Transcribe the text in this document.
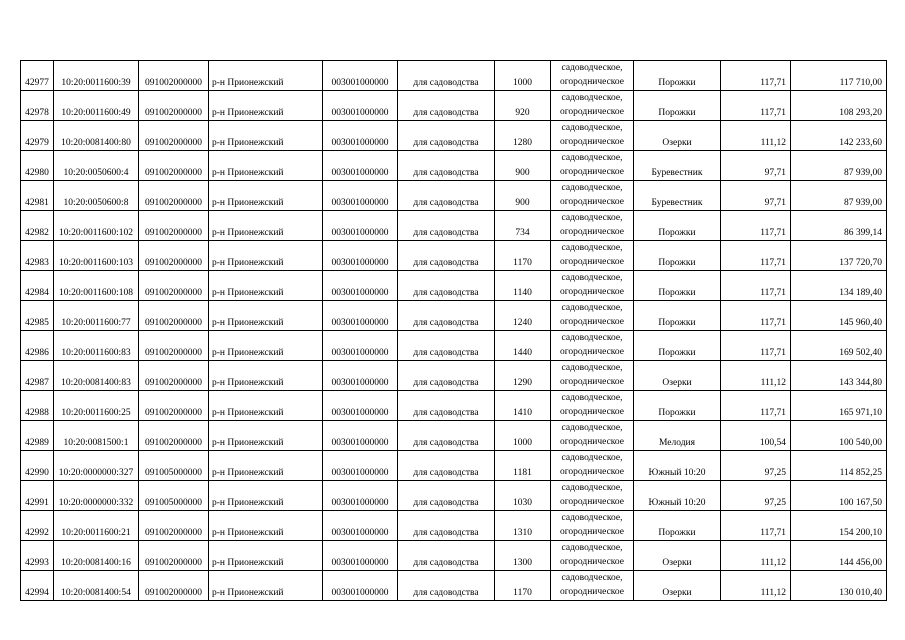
42977	10:20:0011600:39	091002000000	р-н Прионежский	003001000000	для садоводства	1000	садоводческое,
огородническое	Порожки	117,71	117 710,00
42978	10:20:0011600:49	091002000000	р-н Прионежский	003001000000	для садоводства	920	садоводческое,
огородническое	Порожки	117,71	108 293,20
42979	10:20:0081400:80	091002000000	р-н Прионежский	003001000000	для садоводства	1280	садоводческое,
огородническое	Озерки	111,12	142 233,60
42980	10:20:0050600:4	091002000000	р-н Прионежский	003001000000	для садоводства	900	садоводческое,
огородническое	Буревестник	97,71	87 939,00
42981	10:20:0050600:8	091002000000	р-н Прионежский	003001000000	для садоводства	900	садоводческое,
огородническое	Буревестник	97,71	87 939,00
42982	10:20:0011600:102	091002000000	р-н Прионежский	003001000000	для садоводства	734	садоводческое,
огородническое	Порожки	117,71	86 399,14
42983	10:20:0011600:103	091002000000	р-н Прионежский	003001000000	для садоводства	1170	садоводческое,
огородническое	Порожки	117,71	137 720,70
42984	10:20:0011600:108	091002000000	р-н Прионежский	003001000000	для садоводства	1140	садоводческое,
огородническое	Порожки	117,71	134 189,40
42985	10:20:0011600:77	091002000000	р-н Прионежский	003001000000	для садоводства	1240	садоводческое,
огородническое	Порожки	117,71	145 960,40
42986	10:20:0011600:83	091002000000	р-н Прионежский	003001000000	для садоводства	1440	садоводческое,
огородническое	Порожки	117,71	169 502,40
42987	10:20:0081400:83	091002000000	р-н Прионежский	003001000000	для садоводства	1290	садоводческое,
огородническое	Озерки	111,12	143 344,80
42988	10:20:0011600:25	091002000000	р-н Прионежский	003001000000	для садоводства	1410	садоводческое,
огородническое	Порожки	117,71	165 971,10
42989	10:20:0081500:1	091002000000	р-н Прионежский	003001000000	для садоводства	1000	садоводческое,
огородническое	Мелодия	100,54	100 540,00
42990	10:20:0000000:327	091005000000	р-н Прионежский	003001000000	для садоводства	1181	садоводческое,
огородническое	Южный 10:20	97,25	114 852,25
42991	10:20:0000000:332	091005000000	р-н Прионежский	003001000000	для садоводства	1030	садоводческое,
огородническое	Южный 10:20	97,25	100 167,50
42992	10:20:0011600:21	091002000000	р-н Прионежский	003001000000	для садоводства	1310	садоводческое,
огородническое	Порожки	117,71	154 200,10
42993	10:20:0081400:16	091002000000	р-н Прионежский	003001000000	для садоводства	1300	садоводческое,
огородническое	Озерки	111,12	144 456,00
42994	10:20:0081400:54	091002000000	р-н Прионежский	003001000000	для садоводства	1170	садоводческое,
огородническое	Озерки	111,12	130 010,40
